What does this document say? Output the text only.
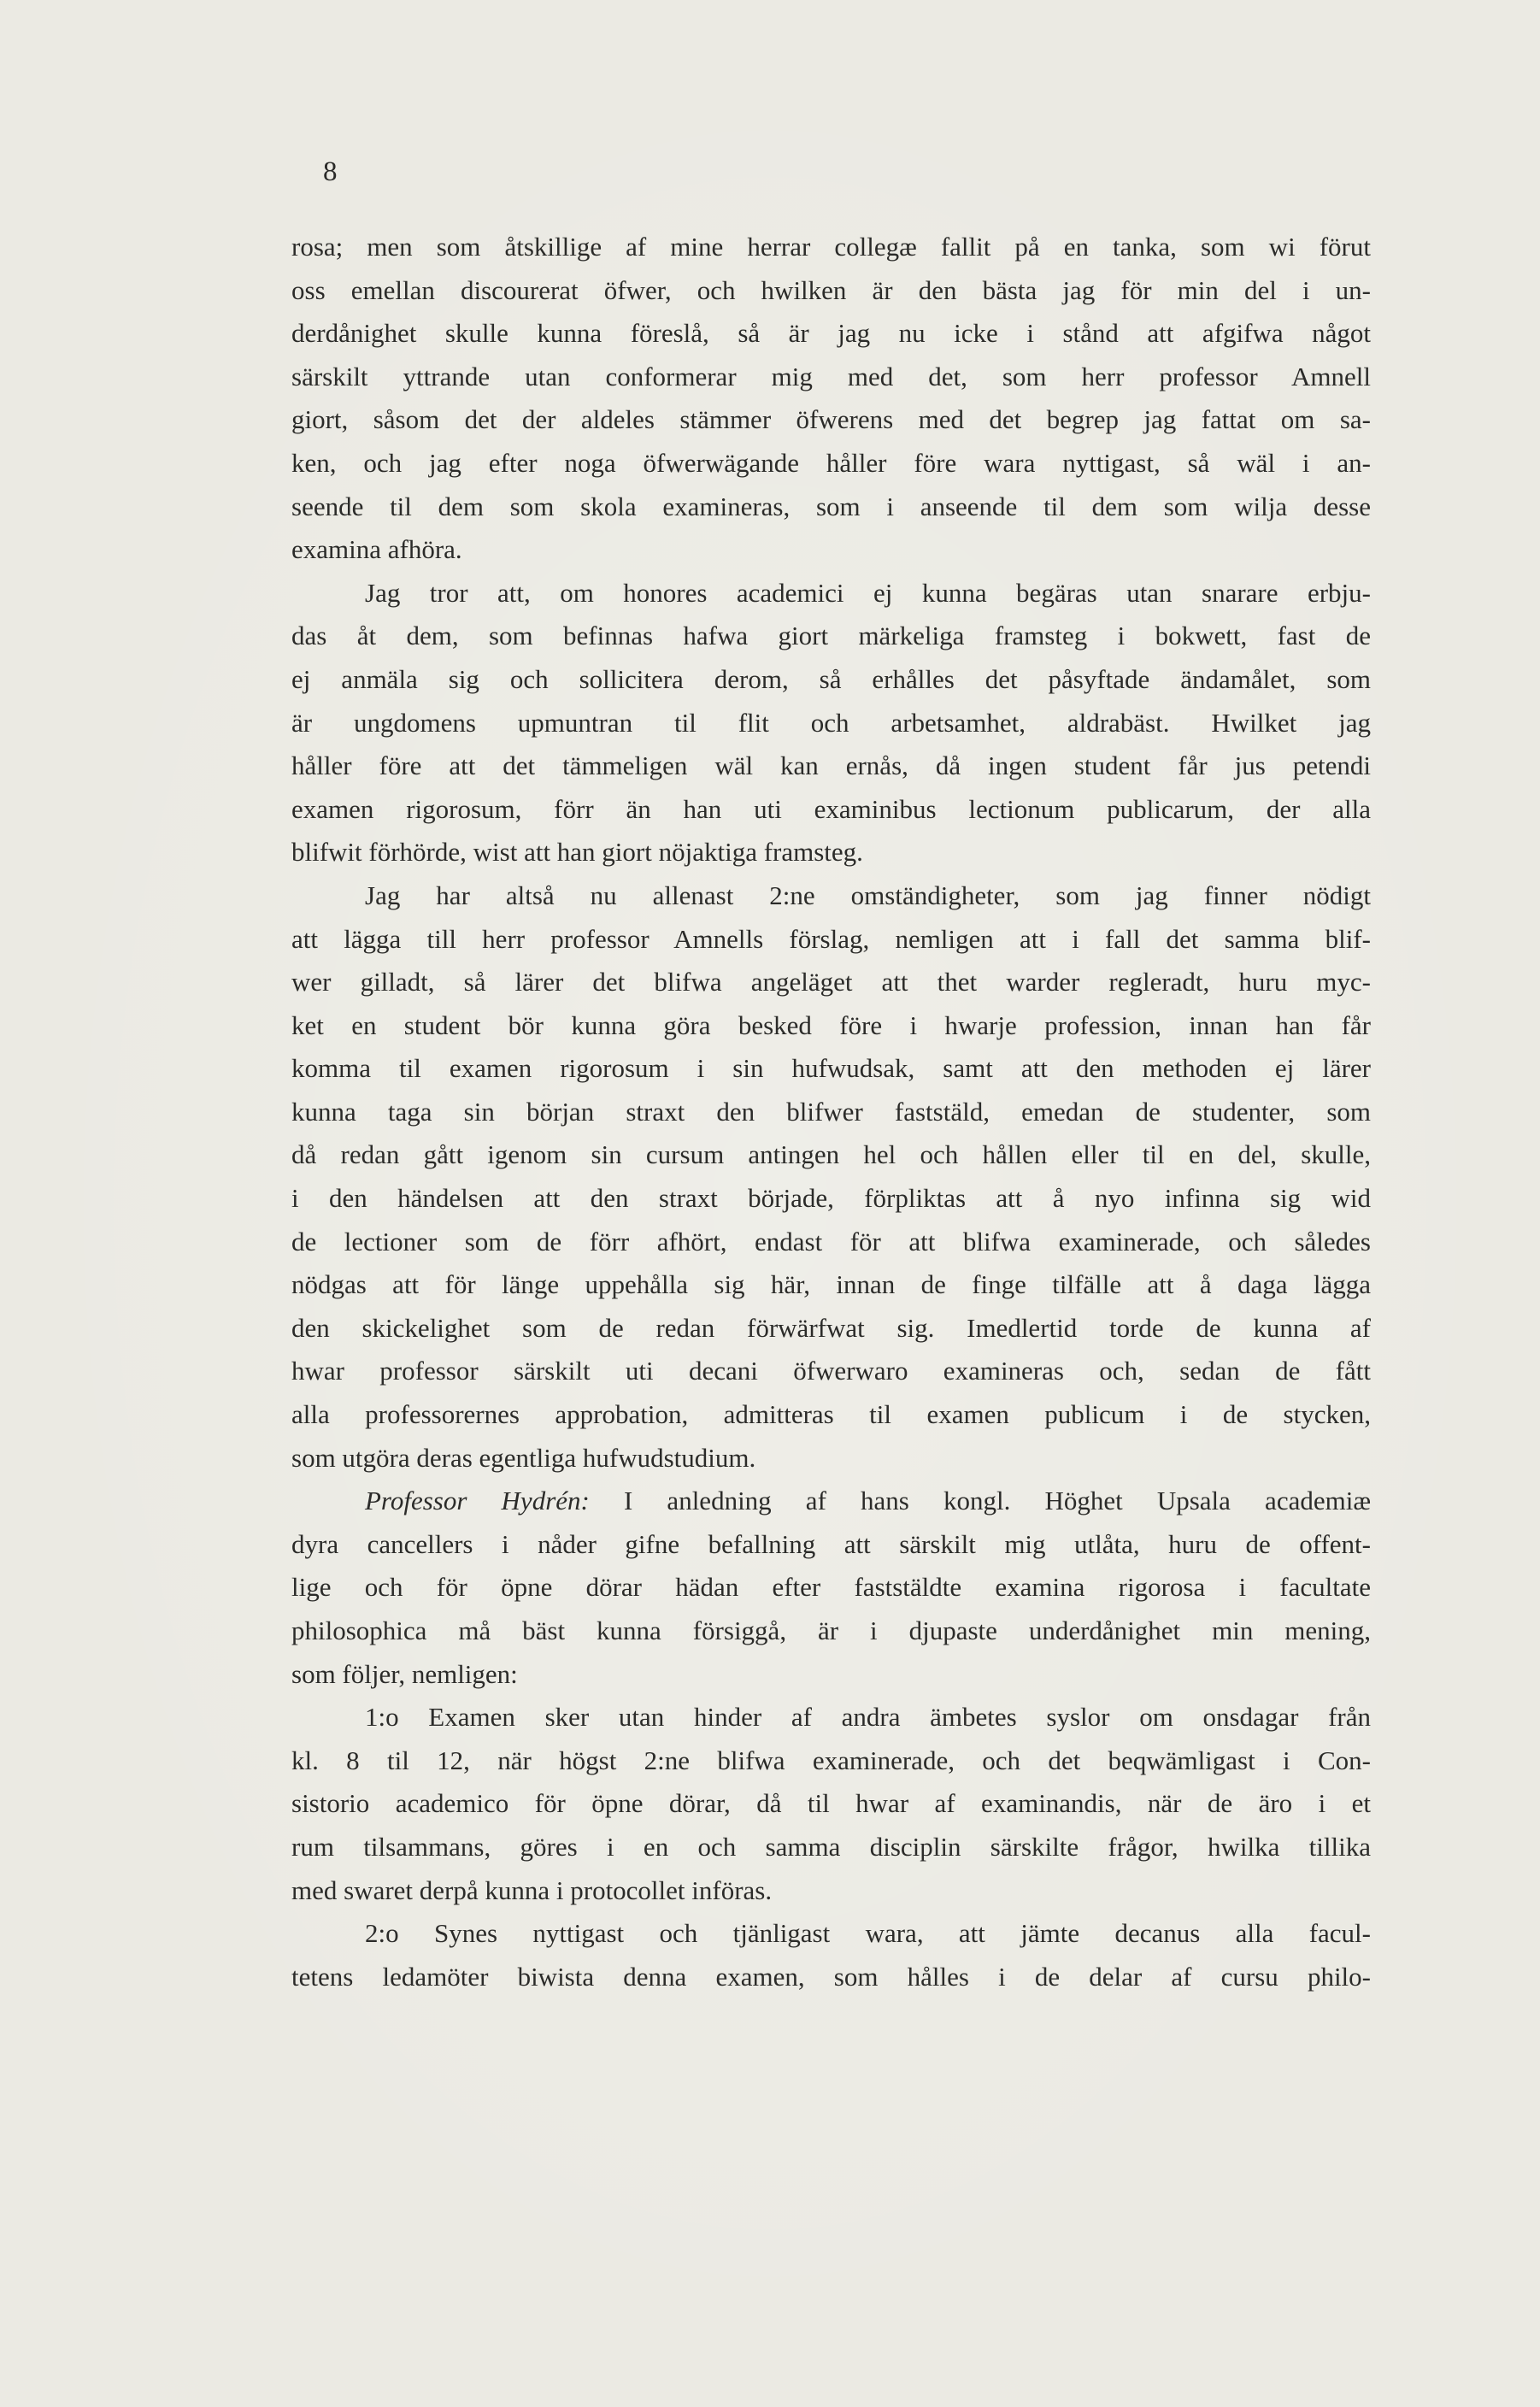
8
rosa; men som åtskillige af mine herrar collegæ fallit på en tanka, som wi förut
oss emellan discourerat öfwer, och hwilken är den bästa jag för min del i un-
derdånighet skulle kunna föreslå, så är jag nu icke i stånd att afgifwa något
särskilt yttrande utan conformerar mig med det, som herr professor Amnell
giort, såsom det der aldeles stämmer öfwerens med det begrep jag fattat om sa-
ken, och jag efter noga öfwerwägande håller före wara nyttigast, så wäl i an-
seende til dem som skola examineras, som i anseende til dem som wilja desse
examina afhöra.
Jag tror att, om honores academici ej kunna begäras utan snarare erbju-
das åt dem, som befinnas hafwa giort märkeliga framsteg i bokwett, fast de
ej anmäla sig och sollicitera derom, så erhålles det påsyftade ändamålet, som
är ungdomens upmuntran til flit och arbetsamhet, aldrabäst. Hwilket jag
håller före att det tämmeligen wäl kan ernås, då ingen student får jus petendi
examen rigorosum, förr än han uti examinibus lectionum publicarum, der alla
blifwit förhörde, wist att han giort nöjaktiga framsteg.
Jag har altså nu allenast 2:ne omständigheter, som jag finner nödigt
att lägga till herr professor Amnells förslag, nemligen att i fall det samma blif-
wer gilladt, så lärer det blifwa angeläget att thet warder regleradt, huru myc-
ket en student bör kunna göra besked före i hwarje profession, innan han får
komma til examen rigorosum i sin hufwudsak, samt att den methoden ej lärer
kunna taga sin början straxt den blifwer faststäld, emedan de studenter, som
då redan gått igenom sin cursum antingen hel och hållen eller til en del, skulle,
i den händelsen att den straxt började, förpliktas att å nyo infinna sig wid
de lectioner som de förr afhört, endast för att blifwa examinerade, och således
nödgas att för länge uppehålla sig här, innan de finge tilfälle att å daga lägga
den skickelighet som de redan förwärfwat sig. Imedlertid torde de kunna af
hwar professor särskilt uti decani öfwerwaro examineras och, sedan de fått
alla professorernes approbation, admitteras til examen publicum i de stycken,
som utgöra deras egentliga hufwudstudium.
Professor Hydrén: I anledning af hans kongl. Höghet Upsala academiæ
dyra cancellers i nåder gifne befallning att särskilt mig utlåta, huru de offent-
lige och för öpne dörar hädan efter faststäldte examina rigorosa i facultate
philosophica må bäst kunna försiggå, är i djupaste underdånighet min mening,
som följer, nemligen:
1:o Examen sker utan hinder af andra ämbetes syslor om onsdagar från
kl. 8 til 12, när högst 2:ne blifwa examinerade, och det beqwämligast i Con-
sistorio academico för öpne dörar, då til hwar af examinandis, när de äro i et
rum tilsammans, göres i en och samma disciplin särskilte frågor, hwilka tillika
med swaret derpå kunna i protocollet införas.
2:o Synes nyttigast och tjänligast wara, att jämte decanus alla facul-
tetens ledamöter biwista denna examen, som hålles i de delar af cursu philo-
